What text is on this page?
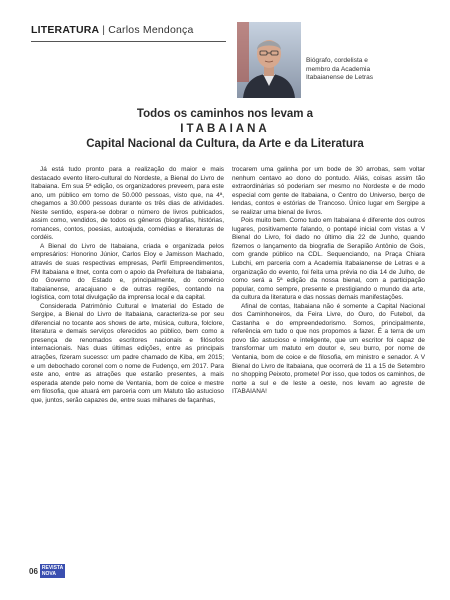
LITERATURA | Carlos Mendonça
Biógrafo, cordelista e
membro da Academia
Itabaianense de Letras
Todos os caminhos nos levam a
ITABAIANA
Capital Nacional da Cultura, da Arte e da Literatura

Já está tudo pronto para a realização do maior e mais destacado evento litero-cultural do Nordeste, a Bienal do Livro de Itabaiana. Em sua 5ª edição, os organizadores preveem, para este ano, um público em torno de 50.000 pessoas, visto que, na 4ª, chegamos a 30.000 pessoas durante os três dias de atividades. Neste sentido, espera-se dobrar o número de livros publicados, assim como, vendidos, de todos os gêneros (biografias, histórias, romances, contos, poesias, autoajuda, comédias e literaturas de cordéis.

A Bienal do Livro de Itabaiana, criada e organizada pelos empresários: Honorino Júnior, Carlos Eloy e Jamisson Machado, através de suas respectivas empresas, Perfil Empreendimentos, FM Itabaiana e Itnet, conta com o apoio da Prefeitura de Itabaiana, do Governo do Estado e, principalmente, do comércio Itabaianense, aracajuano e de outras regiões, contando na logística, com total divulgação da imprensa local e da capital.

Considerada Patrimônio Cultural e Imaterial do Estado de Sergipe, a Bienal do Livro de Itabaiana, caracteriza-se por seu diferencial no tocante aos shows de arte, música, cultura, folclore, literatura e demais serviços oferecidos ao público, bem como a presença de renomados escritores nacionais e filósofos internacionais. Nas duas últimas edições, entre as principais atrações, fizeram sucesso: um padre chamado de Kiba, em 2015; e um debochado coronel com o nome de Fudenço, em 2017. Para este ano, entre as atrações que estarão presentes, a mais esperada atende pelo nome de Ventania, bom de coice e mestre em filosofia, que atuará em parceria com um Matuto tão astucioso que, juntos, serão capazes de, entre suas milhares de façanhas,

trocarem uma galinha por um bode de 30 arrobas, sem voltar nenhum centavo ao dono do pontudo. Aliás, coisas assim tão extraordinárias só poderiam ser mesmo no Nordeste e de modo especial com gente de Itabaiana, o Centro do Universo, berço de lendas, contos e estórias de Trancoso. Único lugar em Sergipe a se realizar uma bienal de livros.

Pois muito bem. Como tudo em Itabaiana é diferente dos outros lugares, positivamente falando, o pontapé inicial com vistas a V Bienal do Livro, foi dado no último dia 22 de Junho, quando fizemos o lançamento da biografia de Serapião Antônio de Gois, com grande público na CDL. Sequenciando, na Praça Chiara Lubchi, em parceria com a Academia Itabaianense de Letras e a organização do evento, foi feita uma prévia no dia 14 de Julho, de como será a 5ª edição da nossa bienal, com a participação popular, como sempre, presente e prestigiando o mundo da arte, da cultura da literatura e das nossas demais manifestações.

Afinal de contas, Itabaiana não é somente a Capital Nacional dos Caminhoneiros, da Feira Livre, do Ouro, do Futebol, da Castanha e do empreendedorismo. Somos, principalmente, referência em tudo o que nos propomos a fazer. É a terra de um povo tão astucioso e inteligente, que um escritor foi capaz de transformar um matuto em doutor e, seu burro, por nome de Ventania, bom de coice e de filosofia, em ministro e senador. A V Bienal do Livro de Itabaiana, que ocorrerá de 11 a 15 de Setembro no shopping Peixoto, promete! Por isso, que todos os caminhos, de norte a sul e de leste a oeste, nos levam ao agreste de ITABAIANA!

06 REVISTA
NOVA
